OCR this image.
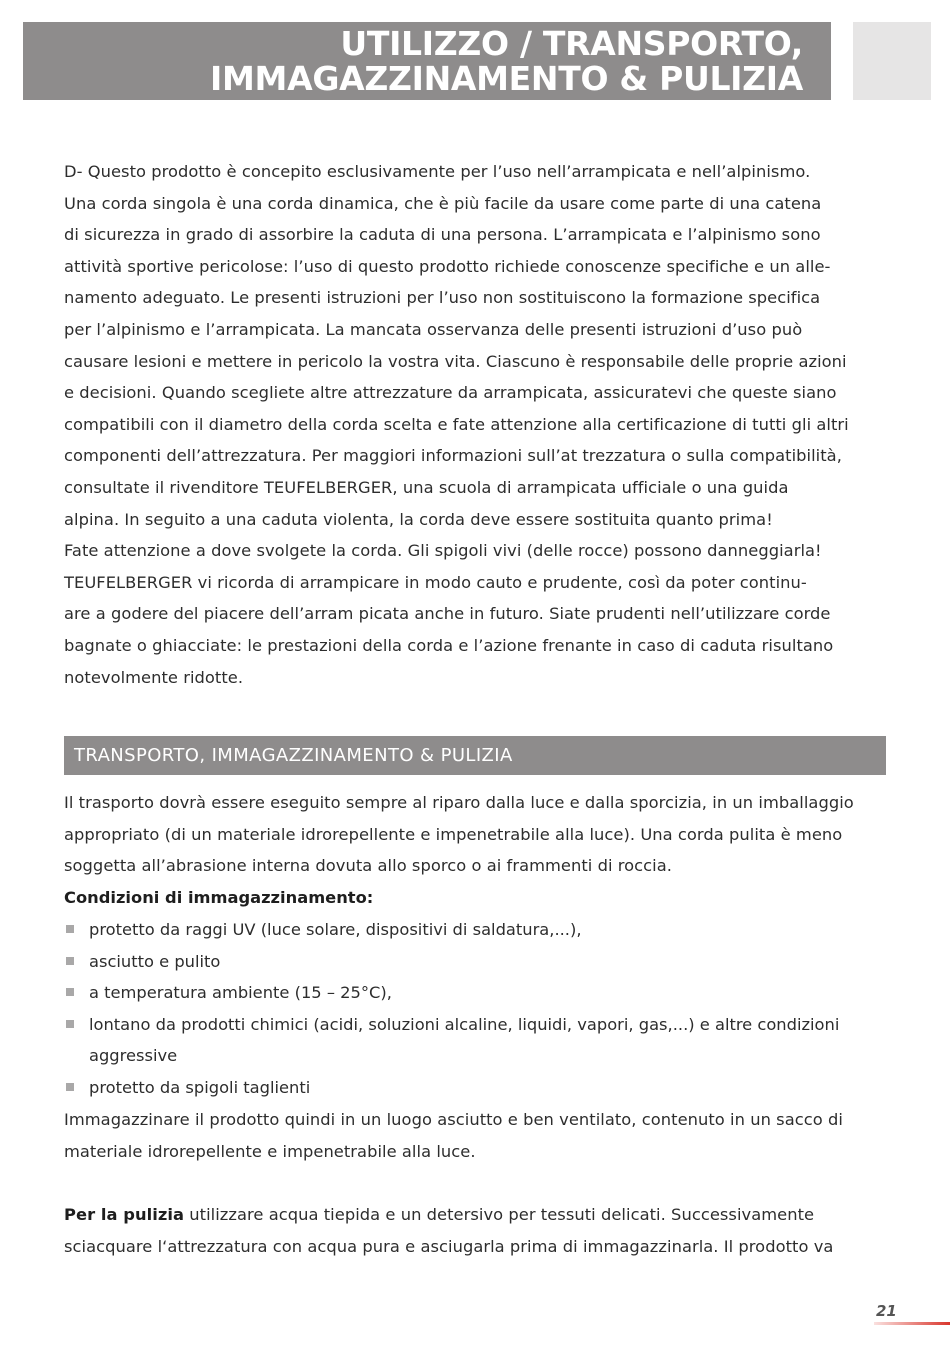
UTILIZZO / TRANSPORTO,
IMMAGAZZINAMENTO & PULIZIA

D- Questo prodotto è concepito esclusivamente per l’uso nell’arrampicata e nell’alpinismo.
Una corda singola è una corda dinamica, che è più facile da usare come parte di una catena
di sicurezza in grado di assorbire la caduta di una persona. L’arrampicata e l’alpinismo sono
attività sportive pericolose: l’uso di questo prodotto richiede conoscenze specifiche e un alle-
namento adeguato. Le presenti istruzioni per l’uso non sostituiscono la formazione specifica
per l’alpinismo e l’arrampicata. La mancata osservanza delle presenti istruzioni d’uso può
causare lesioni e mettere in pericolo la vostra vita. Ciascuno è responsabile delle proprie azioni
e decisioni. Quando scegliete altre attrezzature da arrampicata, assicuratevi che queste siano
compatibili con il diametro della corda scelta e fate attenzione alla certificazione di tutti gli altri
componenti dell’attrezzatura. Per maggiori informazioni sull’at trezzatura o sulla compatibilità,
consultate il rivenditore TEUFELBERGER, una scuola di arrampicata ufficiale o una guida
alpina. In seguito a una caduta violenta, la corda deve essere sostituita quanto prima!
Fate attenzione a dove svolgete la corda. Gli spigoli vivi (delle rocce) possono danneggiarla!
TEUFELBERGER vi ricorda di arrampicare in modo cauto e prudente, così da poter continu-
are a godere del piacere dell’arram picata anche in futuro. Siate prudenti nell’utilizzare corde
bagnate o ghiacciate: le prestazioni della corda e l’azione frenante in caso di caduta risultano
notevolmente ridotte.

TRANSPORTO, IMMAGAZZINAMENTO & PULIZIA

Il trasporto dovrà essere eseguito sempre al riparo dalla luce e dalla sporcizia, in un imballaggio
appropriato (di un materiale idrorepellente e impenetrabile alla luce). Una corda pulita è meno
soggetta all’abrasione interna dovuta allo sporco o ai frammenti di roccia.

Condizioni di immagazzinamento:
protetto da raggi UV (luce solare, dispositivi di saldatura,...),
asciutto e pulito
a temperatura ambiente (15 – 25°C),
lontano da prodotti chimici (acidi, soluzioni alcaline, liquidi, vapori, gas,...) e altre condizioni
aggressive
protetto da spigoli taglienti

Immagazzinare il prodotto quindi in un luogo asciutto e ben ventilato, contenuto in un sacco di
materiale idrorepellente e impenetrabile alla luce.

Per la pulizia utilizzare acqua tiepida e un detersivo per tessuti delicati. Successivamente
sciacquare l‘attrezzatura con acqua pura e asciugarla prima di immagazzinarla. Il prodotto va

21
